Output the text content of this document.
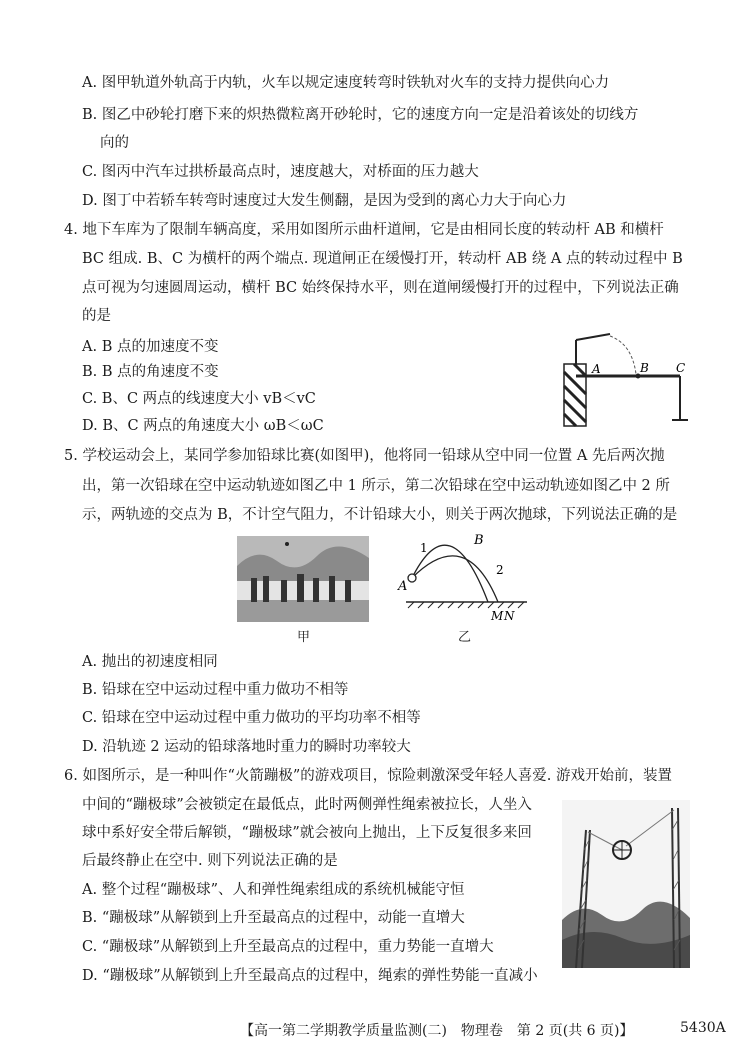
A. 图甲轨道外轨高于内轨，火车以规定速度转弯时铁轨对火车的支持力提供向心力
B. 图乙中砂轮打磨下来的炽热微粒离开砂轮时，它的速度方向一定是沿着该处的切线方
向的
C. 图丙中汽车过拱桥最高点时，速度越大，对桥面的压力越大
D. 图丁中若轿车转弯时速度过大发生侧翻，是因为受到的离心力大于向心力
4. 地下车库为了限制车辆高度，采用如图所示曲杆道闸，它是由相同长度的转动杆 AB 和横杆
BC 组成. B、C 为横杆的两个端点. 现道闸正在缓慢打开，转动杆 AB 绕 A 点的转动过程中 B
点可视为匀速圆周运动，横杆 BC 始终保持水平，则在道闸缓慢打开的过程中，下列说法正确
的是
A. B 点的加速度不变
B. B 点的角速度不变
C. B、C 两点的线速度大小 vB＜vC
D. B、C 两点的角速度大小 ωB＜ωC
A	B C
5. 学校运动会上，某同学参加铅球比赛(如图甲)，他将同一铅球从空中同一位置 A 先后两次抛
出，第一次铅球在空中运动轨迹如图乙中 1 所示，第二次铅球在空中运动轨迹如图乙中 2 所
示，两轨迹的交点为 B，不计空气阻力，不计铅球大小，则关于两次抛球，下列说法正确的是
甲
A
1	B
2
M N
乙
A. 抛出的初速度相同
B. 铅球在空中运动过程中重力做功不相等
C. 铅球在空中运动过程中重力做功的平均功率不相等
D. 沿轨迹 2 运动的铅球落地时重力的瞬时功率较大
6. 如图所示，是一种叫作“火箭蹦极”的游戏项目，惊险刺激深受年轻人喜爱. 游戏开始前，装置
中间的“蹦极球”会被锁定在最低点，此时两侧弹性绳索被拉长，人坐入
球中系好安全带后解锁，“蹦极球”就会被向上抛出，上下反复很多来回
后最终静止在空中. 则下列说法正确的是
A. 整个过程“蹦极球”、人和弹性绳索组成的系统机械能守恒
B. “蹦极球”从解锁到上升至最高点的过程中，动能一直增大
C. “蹦极球”从解锁到上升至最高点的过程中，重力势能一直增大
D. “蹦极球”从解锁到上升至最高点的过程中，绳索的弹性势能一直减小
【高一第二学期教学质量监测(二)　物理卷　第 2 页(共 6 页)】	5430A
